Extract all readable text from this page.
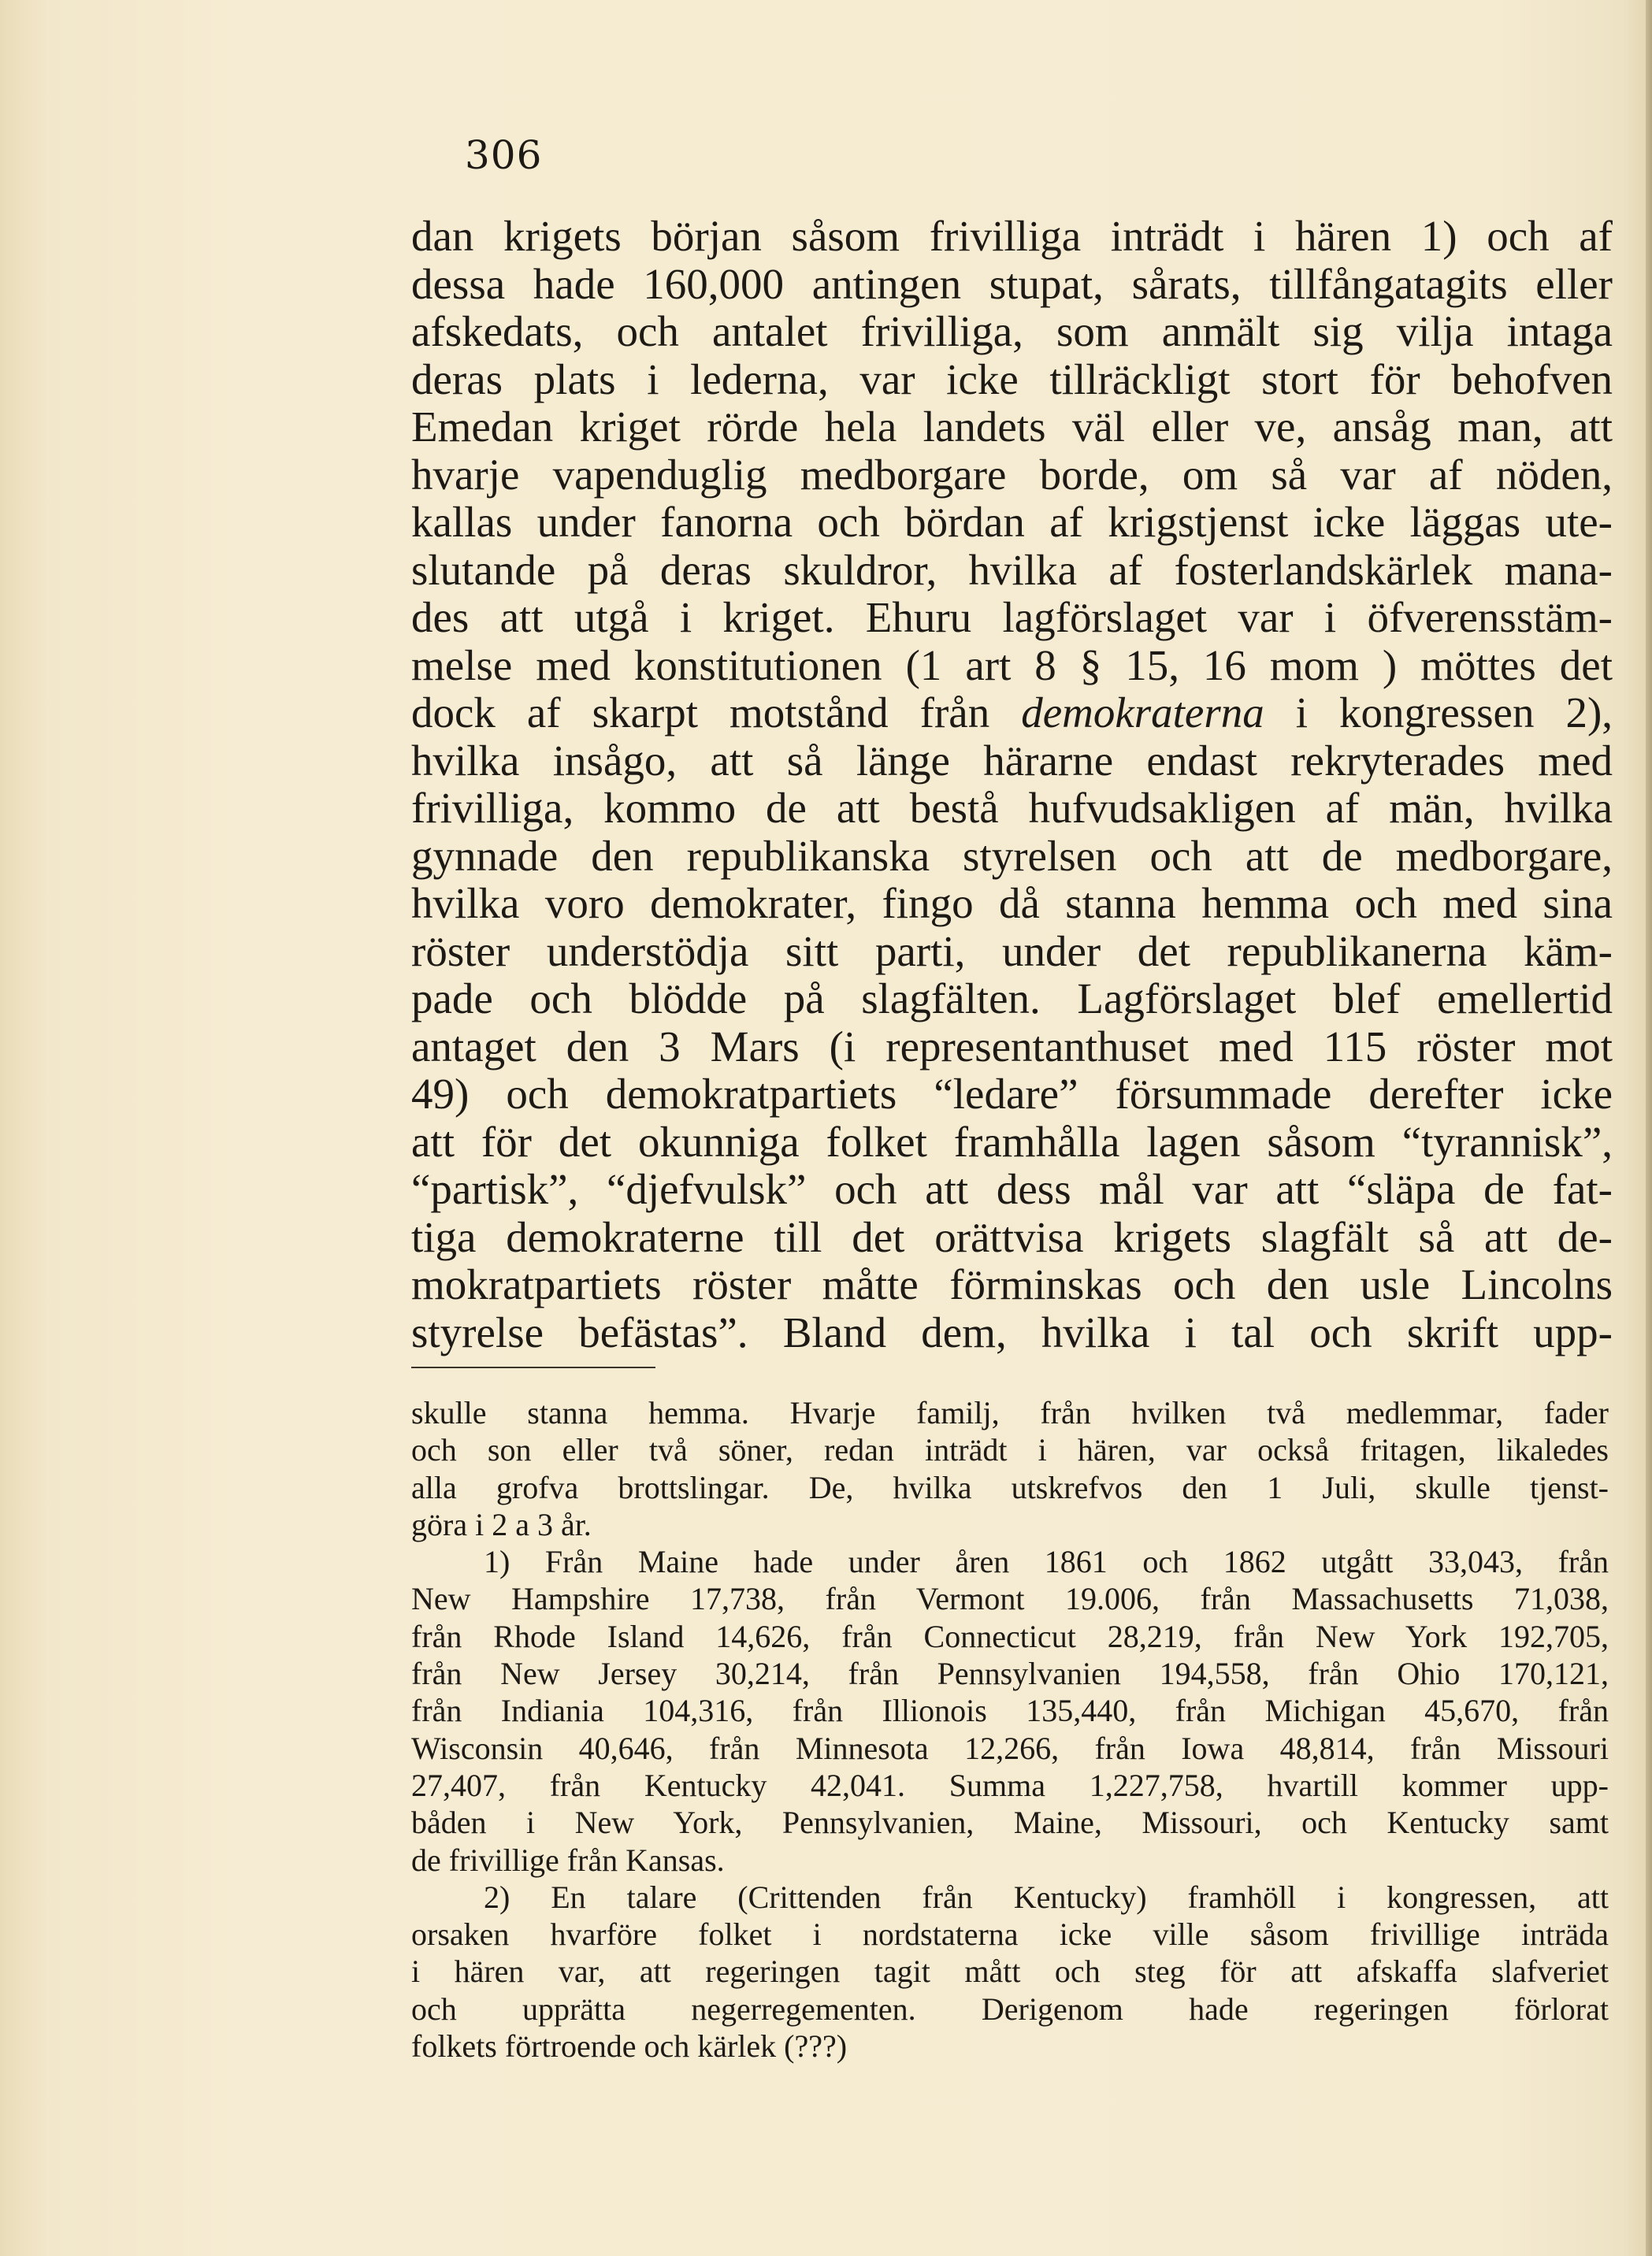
306

dan krigets början såsom frivilliga inträdt i hären 1) och af

dessa hade 160,000 antingen stupat, sårats, tillfångatagits eller

afskedats, och antalet frivilliga, som anmält sig vilja intaga

deras plats i lederna, var icke tillräckligt stort för behofven

Emedan kriget rörde hela landets väl eller ve, ansåg man, att

hvarje vapenduglig medborgare borde, om så var af nöden,

kallas under fanorna och bördan af krigstjenst icke läggas ute-

slutande på deras skuldror, hvilka af fosterlandskärlek mana-

des att utgå i kriget. Ehuru lagförslaget var i öfverensstäm-

melse med konstitutionen (1 art 8 § 15, 16 mom ) möttes det

dock af skarpt motstånd från demokraterna i kongressen 2),

hvilka insågo, att så länge härarne endast rekryterades med

frivilliga, kommo de att bestå hufvudsakligen af män, hvilka

gynnade den republikanska styrelsen och att de medborgare,

hvilka voro demokrater, fingo då stanna hemma och med sina

röster understödja sitt parti, under det republikanerna käm-

pade och blödde på slagfälten. Lagförslaget blef emellertid

antaget den 3 Mars (i representanthuset med 115 röster mot

49) och demokratpartiets “ledare” försummade derefter icke

att för det okunniga folket framhålla lagen såsom “tyrannisk”,

“partisk”, “djefvulsk” och att dess mål var att “släpa de fat-

tiga demokraterne till det orättvisa krigets slagfält så att de-

mokratpartiets röster måtte förminskas och den usle Lincolns

styrelse befästas”. Bland dem, hvilka i tal och skrift upp-

skulle stanna hemma. Hvarje familj, från hvilken två medlemmar, fader

och son eller två söner, redan inträdt i hären, var också fritagen, likaledes

alla grofva brottslingar. De, hvilka utskrefvos den 1 Juli, skulle tjenst-

göra i 2 a 3 år.

1) Från Maine hade under åren 1861 och 1862 utgått 33,043, från

New Hampshire 17,738, från Vermont 19.006, från Massachusetts 71,038,

från Rhode Island 14,626, från Connecticut 28,219, från New York 192,705,

från New Jersey 30,214, från Pennsylvanien 194,558, från Ohio 170,121,

från Indiania 104,316, från Illionois 135,440, från Michigan 45,670, från

Wisconsin 40,646, från Minnesota 12,266, från Iowa 48,814, från Missouri

27,407, från Kentucky 42,041. Summa 1,227,758, hvartill kommer upp-

båden i New York, Pennsylvanien, Maine, Missouri, och Kentucky samt

de frivillige från Kansas.

2) En talare (Crittenden från Kentucky) framhöll i kongressen, att

orsaken hvarföre folket i nordstaterna icke ville såsom frivillige inträda

i hären var, att regeringen tagit mått och steg för att afskaffa slafveriet

och upprätta negerregementen. Derigenom hade regeringen förlorat

folkets förtroende och kärlek (???)
